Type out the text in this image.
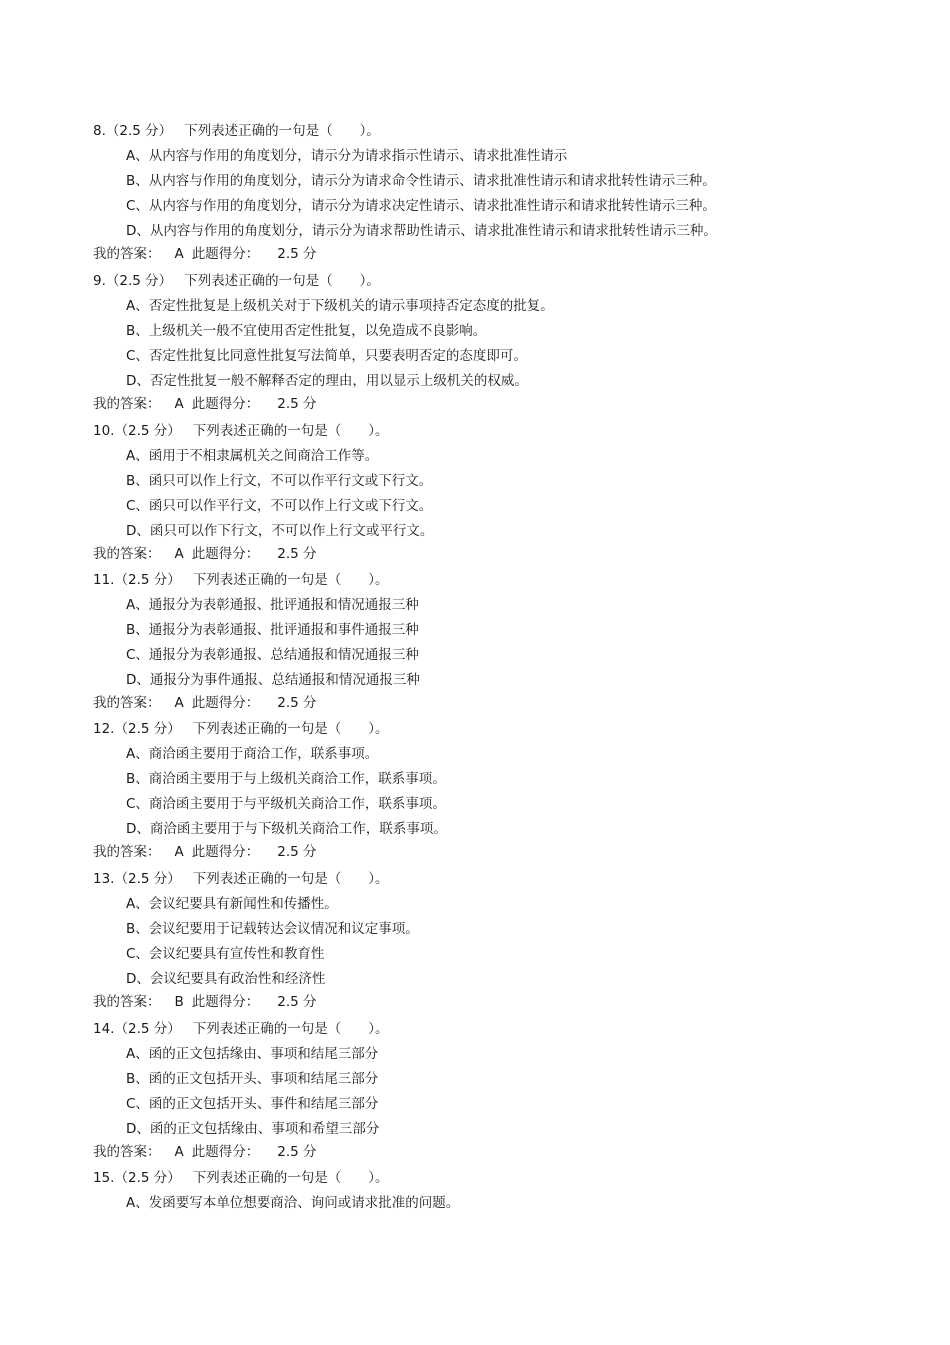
8.（2.5 分） 下列表述正确的一句是（　　）。
A、从内容与作用的角度划分，请示分为请求指示性请示、请求批准性请示
B、从内容与作用的角度划分，请示分为请求命令性请示、请求批准性请示和请求批转性请示三种。
C、从内容与作用的角度划分，请示分为请求决定性请示、请求批准性请示和请求批转性请示三种。
D、从内容与作用的角度划分，请示分为请求帮助性请示、请求批准性请示和请求批转性请示三种。
我的答案： A 此题得分： 2.5 分
9.（2.5 分） 下列表述正确的一句是（　　）。
A、否定性批复是上级机关对于下级机关的请示事项持否定态度的批复。
B、上级机关一般不宜使用否定性批复，以免造成不良影响。
C、否定性批复比同意性批复写法简单，只要表明否定的态度即可。
D、否定性批复一般不解释否定的理由，用以显示上级机关的权威。
我的答案： A 此题得分： 2.5 分
10.（2.5 分） 下列表述正确的一句是（　　）。
A、函用于不相隶属机关之间商洽工作等。
B、函只可以作上行文，不可以作平行文或下行文。
C、函只可以作平行文，不可以作上行文或下行文。
D、函只可以作下行文，不可以作上行文或平行文。
我的答案： A 此题得分： 2.5 分
11.（2.5 分） 下列表述正确的一句是（　　）。
A、通报分为表彰通报、批评通报和情况通报三种
B、通报分为表彰通报、批评通报和事件通报三种
C、通报分为表彰通报、总结通报和情况通报三种
D、通报分为事件通报、总结通报和情况通报三种
我的答案： A 此题得分： 2.5 分
12.（2.5 分） 下列表述正确的一句是（　　）。
A、商洽函主要用于商洽工作，联系事项。
B、商洽函主要用于与上级机关商洽工作，联系事项。
C、商洽函主要用于与平级机关商洽工作，联系事项。
D、商洽函主要用于与下级机关商洽工作，联系事项。
我的答案： A 此题得分： 2.5 分
13.（2.5 分） 下列表述正确的一句是（　　）。
A、会议纪要具有新闻性和传播性。
B、会议纪要用于记载转达会议情况和议定事项。
C、会议纪要具有宣传性和教育性
D、会议纪要具有政治性和经济性
我的答案： B 此题得分： 2.5 分
14.（2.5 分） 下列表述正确的一句是（　　）。
A、函的正文包括缘由、事项和结尾三部分
B、函的正文包括开头、事项和结尾三部分
C、函的正文包括开头、事件和结尾三部分
D、函的正文包括缘由、事项和希望三部分
我的答案： A 此题得分： 2.5 分
15.（2.5 分） 下列表述正确的一句是（　　）。
A、发函要写本单位想要商洽、询问或请求批准的问题。
